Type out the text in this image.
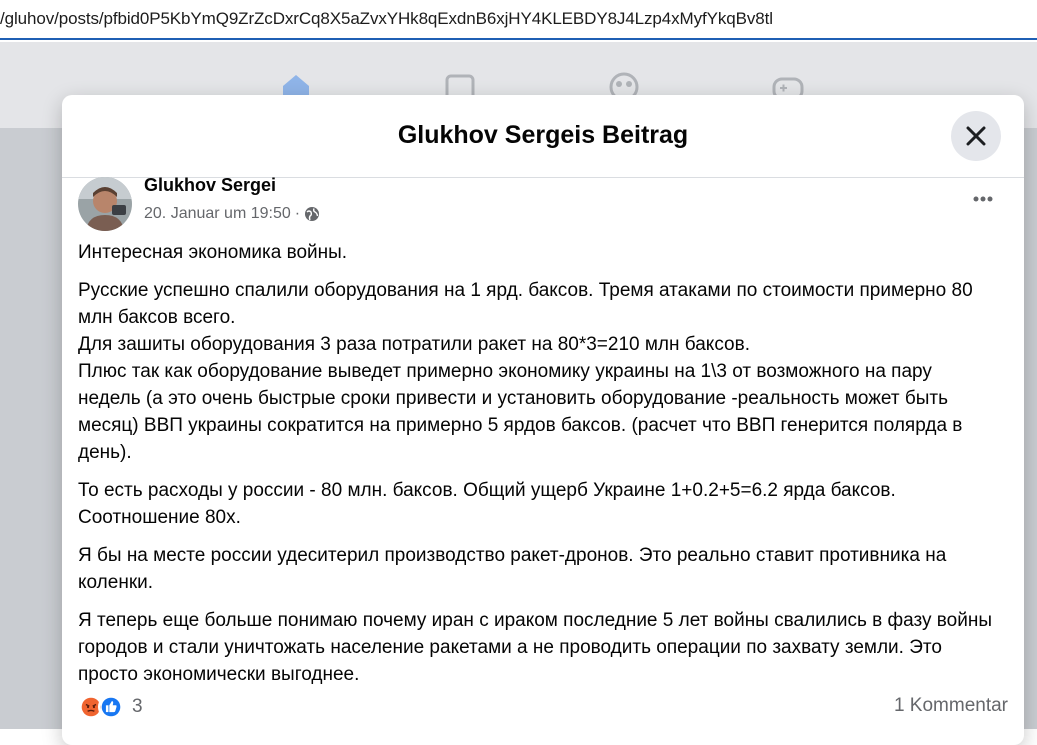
/gluhov/posts/pfbid0P5KbYmQ9ZrZcDxrCq8X5aZvxYHk8qExdnB6xjHY4KLEBDY8J4Lzp4xMyfYkqBv8tl
Glukhov Sergeis Beitrag
Glukhov Sergei
20. Januar um 19:50 ·

Интересная экономика войны.

Русские успешно спалили оборудования на 1 ярд. баксов. Тремя атаками по стоимости примерно 80 млн баксов всего.
Для зашиты оборудования 3 раза потратили ракет на 80*3=210 млн баксов.
Плюс так как оборудование выведет примерно экономику украины на 1\3 от возможного на пару недель (а это очень быстрые сроки привести и установить оборудование -реальность может быть месяц) ВВП украины сократится на примерно 5 ярдов баксов. (расчет что ВВП генерится полярда в день).

То есть расходы у россии - 80 млн. баксов. Общий ущерб Украине 1+0.2+5=6.2 ярда баксов. Соотношение 80х.

Я бы на месте россии удеситерил производство ракет-дронов. Это реально ставит противника на коленки.

Я теперь еще больше понимаю почему иран с ираком последние 5 лет войны свалились в фазу войны городов и стали уничтожать население ракетами а не проводить операции по захвату земли. Это просто экономически выгоднее.

3	1 Kommentar
